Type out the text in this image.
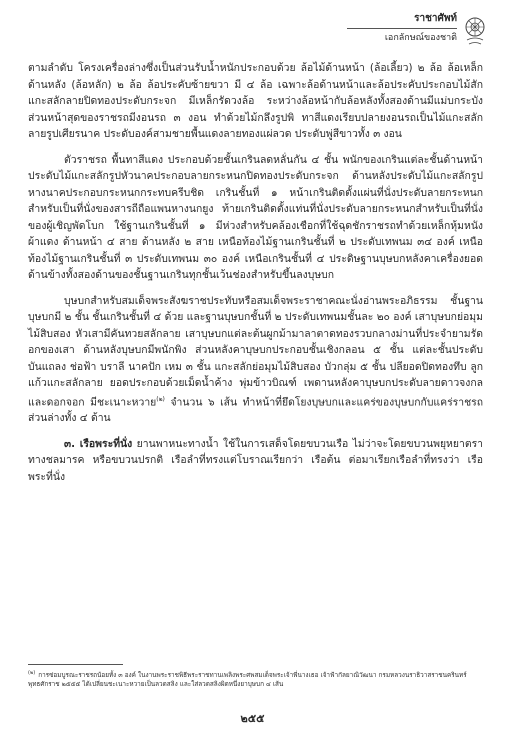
ราชาศัพท์
เอกลักษณ์ของชาติ

ตามลำดับ โครงเครื่องล่างซึ่งเป็นส่วนรับน้ำหนักประกอบด้วย ล้อไม้ด้านหน้า (ล้อเลี้ยว) ๒ ล้อ ล้อเหล็กด้านหลัง (ล้อหลัก) ๒ ล้อ ล้อประคับซ้ายขวา มี ๔ ล้อ เฉพาะล้อด้านหน้าและล้อประคับประกอบไม้สักแกะสลักลายปิดทองประดับกระจก มีเหล็กรัดวงล้อ ระหว่างล้อหน้ากับล้อหลังทั้งสองด้านมีแม่บกระบัง ส่วนหน้าสุดของราชรถมีงอนรถ ๓ งอน ทำด้วยไม้กลึงรูปพิ ทาสีแดงเรียบปลายงอนรถเป็นไม้แกะสลักลายรูปเศียรนาค ประดับองค์สามชายพื้นแดงลายทองแผ่ลวด ประดับพู่สีขาวทั้ง ๓ งอน

ตัวราชรถ พื้นทาสีแดง ประกอบด้วยชั้นเกรินลดหลั่นกัน ๔ ชั้น พนักของเกรินแต่ละชั้นด้านหน้าประดับไม้แกะสลักรูปหัวนาคประกอบลายกระหนกปิดทองประดับกระจก ด้านหลังประดับไม้แกะสลักรูปหางนาคประกอบกระหนกกระทบครีบชิด เกรินชั้นที่ ๑ หน้าเกรินติดตั้งแผ่นที่นั่งประดับลายกระหนกสำหรับเป็นที่นั่งของสารถีถือแพนหางนกยูง ท้ายเกรินติดตั้งแท่นที่นั่งประดับลายกระหนกสำหรับเป็นที่นั่งของผู้เชิญพัดโบก ใช้ฐานเกรินชั้นที่ ๑ มีห่วงสำหรับคล้องเชือกที่ใช้ฉุดชักราชรถทำด้วยเหล็กหุ้มหนังผ้าแดง ด้านหน้า ๔ สาย ด้านหลัง ๒ สาย เหนือท้องไม้ฐานเกรินชั้นที่ ๒ ประดับเทพนม ๓๔ องค์ เหนือท้องไม้ฐานเกรินชั้นที่ ๓ ประดับเทพนม ๓๐ องค์ เหนือเกรินชั้นที่ ๔ ประดิษฐานบุษบกหลังคาเครื่องยอด ด้านข้างทั้งสองด้านของชั้นฐานเกรินทุกชั้นเว้นช่องสำหรับขึ้นลงบุษบก

บุษบกสำหรับสมเด็จพระสังฆราชประทับหรือสมเด็จพระราชาคณะนั่งอ่านพระอภิธรรม ชั้นฐานบุษบกมี ๒ ชั้น ชั้นเกรินชั้นที่ ๔ ด้วย และฐานบุษบกชั้นที่ ๒ ประดับเทพนมชั้นละ ๒๐ องค์ เสาบุษบกย่อมุมไม้สิบสอง หัวเสามีคันทวยสลักลาย เสาบุษบกแต่ละต้นผูกม้ามาลาตาดทองรวบกลางม่านที่ประจำยามรัดอกของเสา ด้านหลังบุษบกมีพนักพิง ส่วนหลังคาบุษบกประกอบชั้นเชิงกลอน ๕ ชั้น แต่ละชั้นประดับบันแถลง ช่อฟ้า บราลี นาคปัก เหม ๓ ชั้น แกะสลักย่อมุมไม้สิบสอง บัวกลุ่ม ๕ ชั้น ปลียอดปิดทองทึบ ลูกแก้วแกะสลักลาย ยอดประกอบด้วยเม็ดน้ำค้าง พุ่มข้าวบิณฑ์ เพดานหลังคาบุษบกประดับลายดาวจงกลและดอกจอก มีชะเนาะหวาย$^{(๒)}$ จำนวน ๖ เส้น ทำหน้าที่ยึดโยงบุษบกและแคร่ของบุษบกกับแคร่ราชรถส่วนล่างทั้ง ๔ ด้าน

๓. เรือพระที่นั่ง ยานพาหนะทางน้ำ ใช้ในการเสด็จโดยขบวนเรือ ไม่ว่าจะโดยขบวนพยุหยาตราทางชลมารค หรือขบวนปรกติ เรือลำที่ทรงแต่โบราณเรียกว่า เรือต้น ต่อมาเรียกเรือลำที่ทรงว่า เรือพระที่นั่ง

$^{(๒)}$ การซ่อมบูรณะราชรถน้อยทั้ง ๓ องค์ ในงานพระราชพิธีพระราชทานเพลิงพระศพสมเด็จพระเจ้าพี่นางเธอ เจ้าฟ้ากัลยาณิวัฒนา กรมหลวงนราธิวาสราชนครินทร์ พุทธศักราช ๒๕๕๕ ได้เปลี่ยนชะเนาะหวายเป็นลวดสลิง และใส่ลวดสลิงผิดหนึ่งยาบุษบก ๔ เส้น
๒๕๕
